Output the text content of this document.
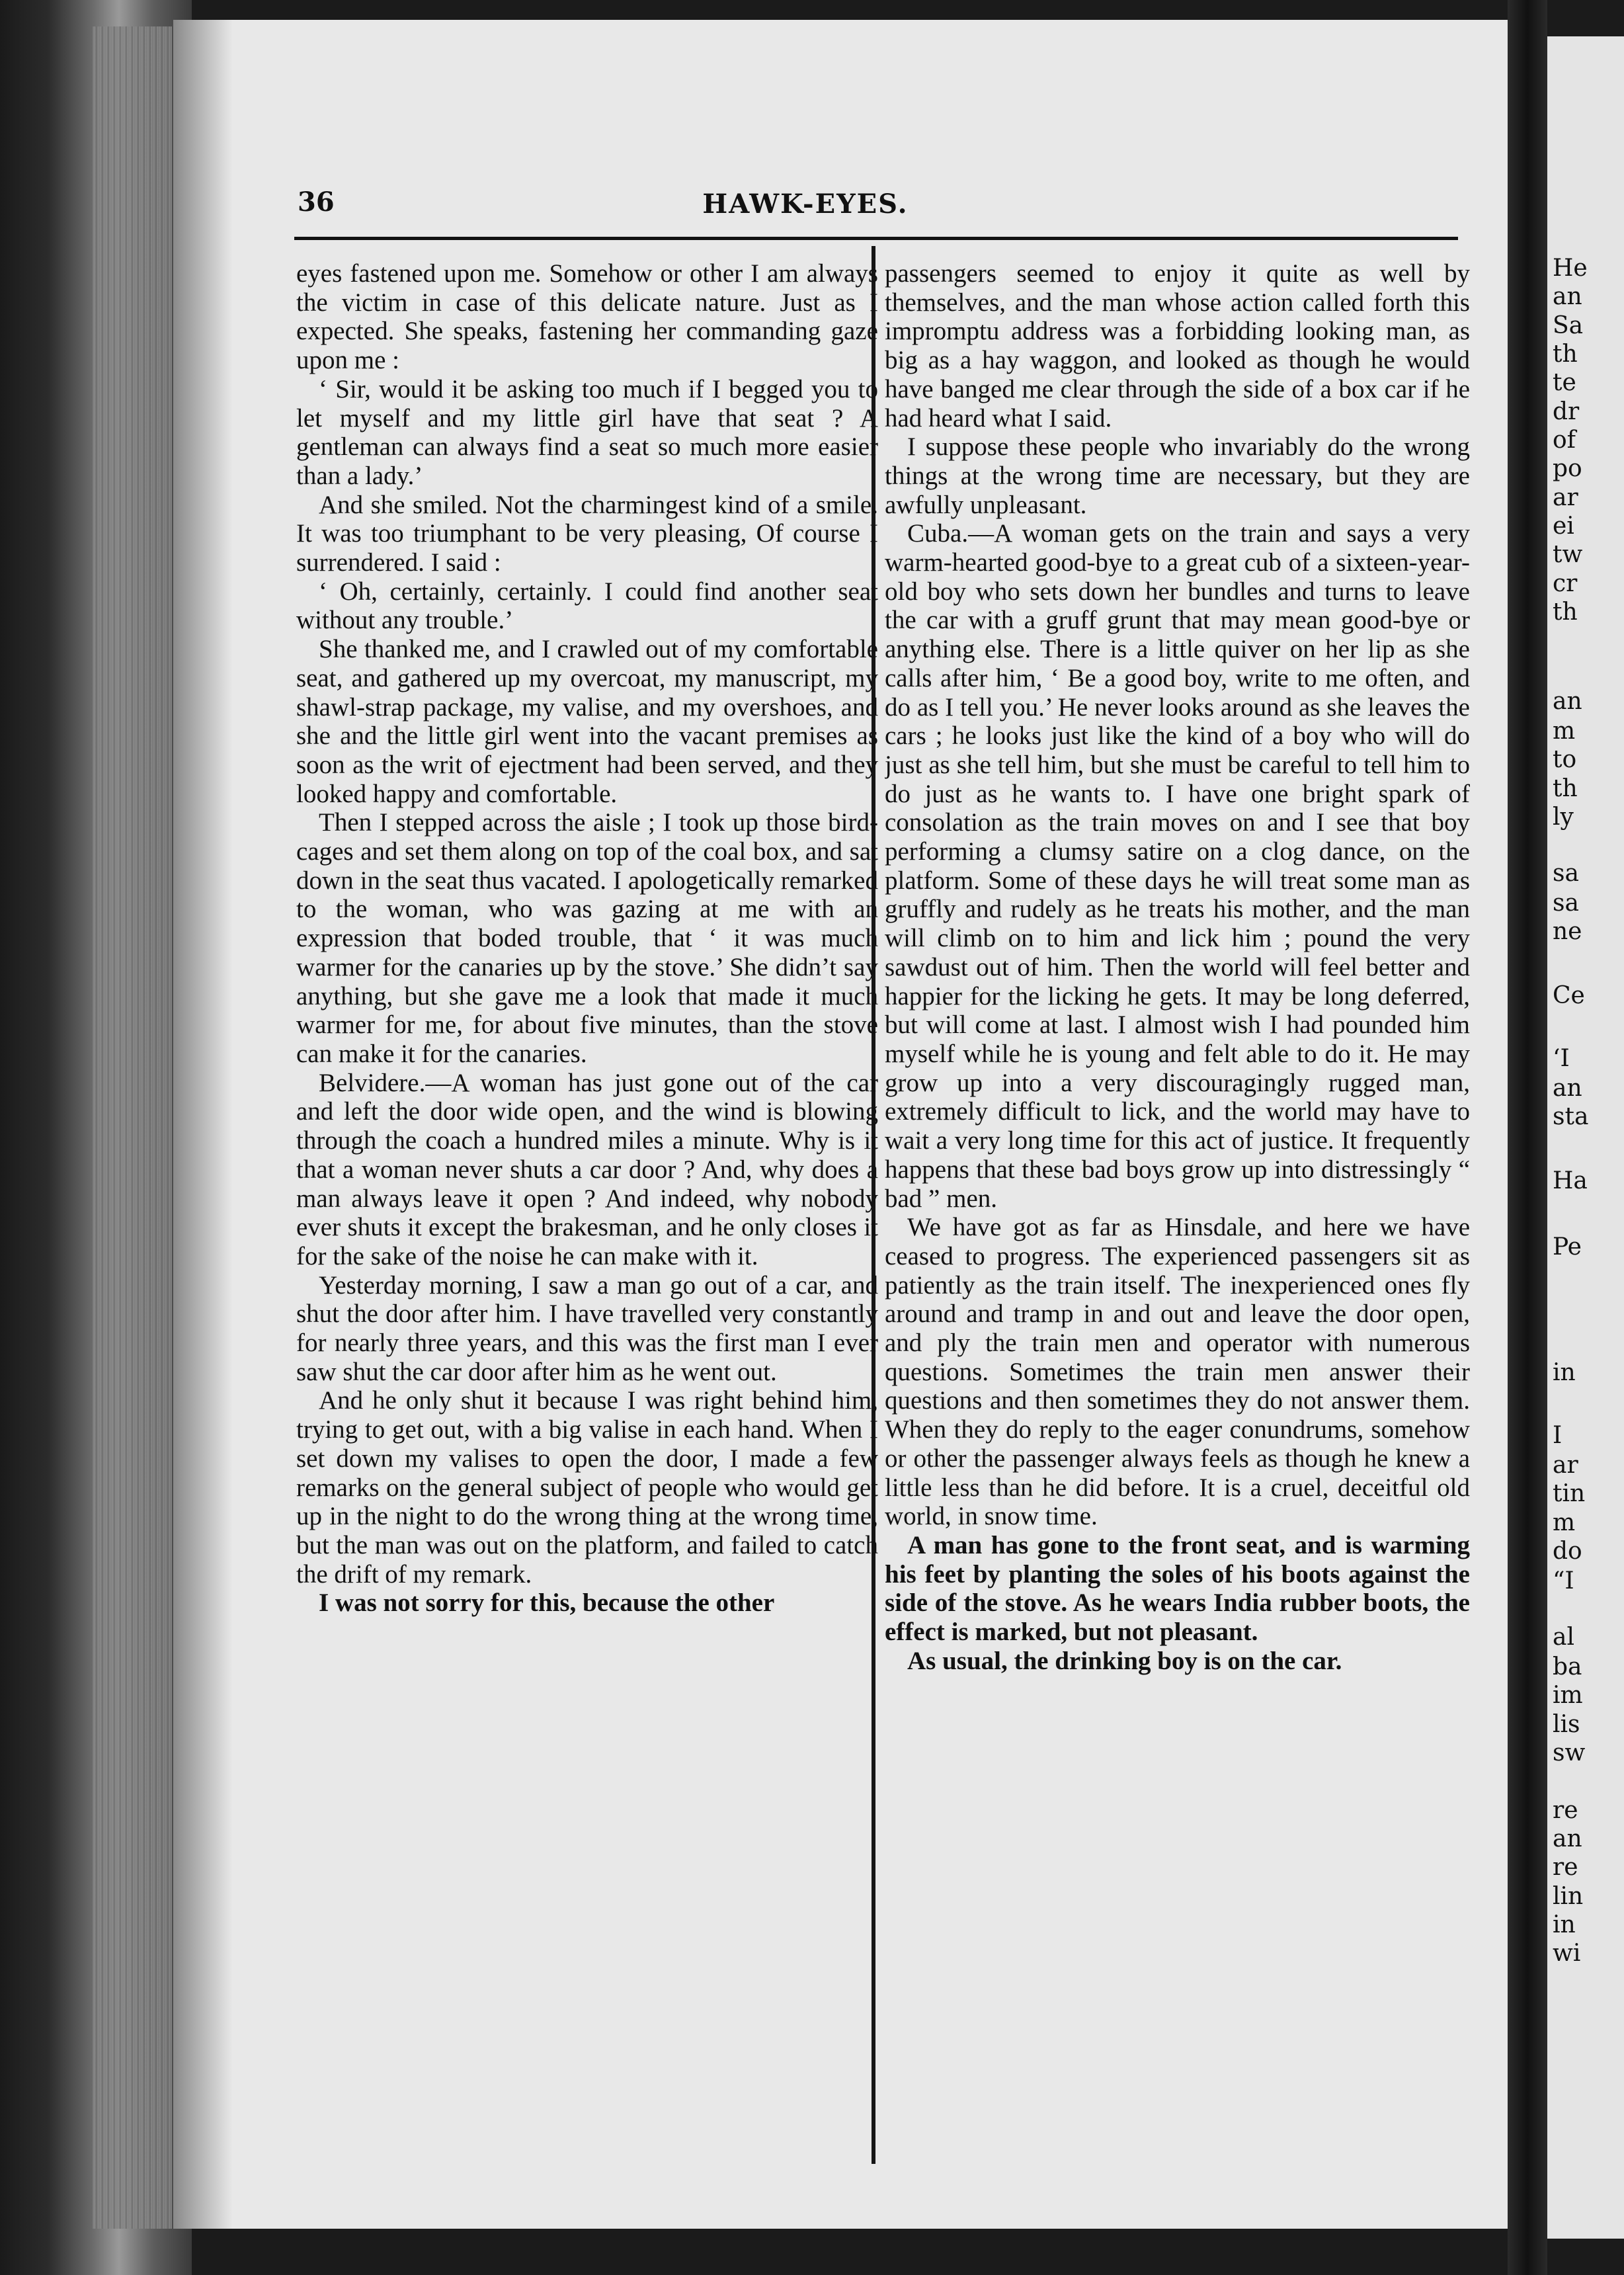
He
an
Sa
th
te
dr
of
po
ar
ei
tw
cr
th
an
m
to
th
ly
sa
sa
ne
Ce
‘I
an
sta
Ha
Pe
in
I
ar
tin
m
do
“I
al
ba
im
lis
sw
re
an
re
lin
in
wi
36	HAWK-EYES.

eyes fastened upon me. Somehow or other I am always the victim in case of this delicate nature. Just as I expected. She speaks, fastening her commanding gaze upon me :

‘ Sir, would it be asking too much if I begged you to let myself and my little girl have that seat ? A gentleman can always find a seat so much more easier than a lady.’

And she smiled. Not the charmingest kind of a smile. It was too triumphant to be very pleasing, Of course I surrendered. I said :

‘ Oh, certainly, certainly. I could find another seat without any trouble.’

She thanked me, and I crawled out of my comfortable seat, and gathered up my overcoat, my manuscript, my shawl-strap package, my valise, and my overshoes, and she and the little girl went into the vacant premises as soon as the writ of ejectment had been served, and they looked happy and comfortable.

Then I stepped across the aisle ; I took up those bird-cages and set them along on top of the coal box, and sat down in the seat thus vacated. I apologetically remarked to the woman, who was gazing at me with an expression that boded trouble, that ‘ it was much warmer for the canaries up by the stove.’ She didn’t say anything, but she gave me a look that made it much warmer for me, for about five minutes, than the stove can make it for the canaries.

Belvidere.—A woman has just gone out of the car and left the door wide open, and the wind is blowing through the coach a hundred miles a minute. Why is it that a woman never shuts a car door ? And, why does a man always leave it open ? And indeed, why nobody ever shuts it except the brakesman, and he only closes it for the sake of the noise he can make with it.

Yesterday morning, I saw a man go out of a car, and shut the door after him. I have travelled very constantly for nearly three years, and this was the first man I ever saw shut the car door after him as he went out.

And he only shut it because I was right behind him, trying to get out, with a big valise in each hand. When I set down my valises to open the door, I made a few remarks on the general subject of people who would get up in the night to do the wrong thing at the wrong time, but the man was out on the platform, and failed to catch the drift of my remark.

I was not sorry for this, because the other

passengers seemed to enjoy it quite as well by themselves, and the man whose action called forth this impromptu address was a forbidding looking man, as big as a hay waggon, and looked as though he would have banged me clear through the side of a box car if he had heard what I said.

I suppose these people who invariably do the wrong things at the wrong time are necessary, but they are awfully unpleasant.

Cuba.—A woman gets on the train and says a very warm-hearted good-bye to a great cub of a sixteen-year-old boy who sets down her bundles and turns to leave the car with a gruff grunt that may mean good-bye or anything else. There is a little quiver on her lip as she calls after him, ‘ Be a good boy, write to me often, and do as I tell you.’ He never looks around as she leaves the cars ; he looks just like the kind of a boy who will do just as she tell him, but she must be careful to tell him to do just as he wants to. I have one bright spark of consolation as the train moves on and I see that boy performing a clumsy satire on a clog dance, on the platform. Some of these days he will treat some man as gruffly and rudely as he treats his mother, and the man will climb on to him and lick him ; pound the very sawdust out of him. Then the world will feel better and happier for the licking he gets. It may be long deferred, but will come at last. I almost wish I had pounded him myself while he is young and felt able to do it. He may grow up into a very discouragingly rugged man, extremely difficult to lick, and the world may have to wait a very long time for this act of justice. It frequently happens that these bad boys grow up into distressingly “ bad ” men.

We have got as far as Hinsdale, and here we have ceased to progress. The experienced passengers sit as patiently as the train itself. The inexperienced ones fly around and tramp in and out and leave the door open, and ply the train men and operator with numerous questions. Sometimes the train men answer their questions and then sometimes they do not answer them. When they do reply to the eager conundrums, somehow or other the passenger always feels as though he knew a little less than he did before. It is a cruel, deceitful old world, in snow time.

A man has gone to the front seat, and is warming his feet by planting the soles of his boots against the side of the stove. As he wears India rubber boots, the effect is marked, but not pleasant.

As usual, the drinking boy is on the car.
